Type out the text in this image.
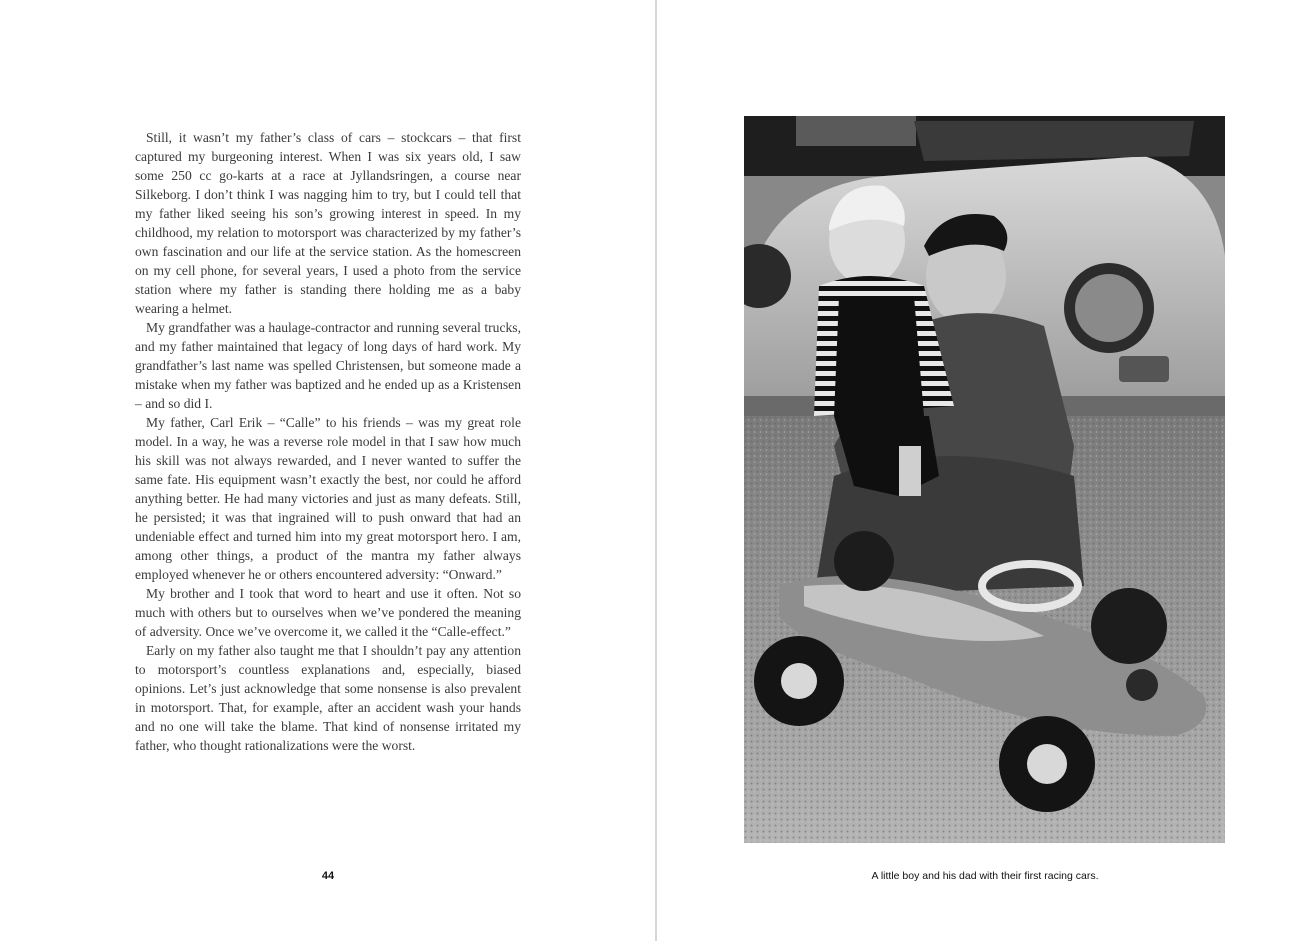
Still, it wasn’t my father’s class of cars – stockcars – that first captured my burgeoning interest. When I was six years old, I saw some 250 cc go-karts at a race at Jyllandsringen, a course near Silkeborg. I don’t think I was nagging him to try, but I could tell that my father liked seeing his son’s growing interest in speed. In my childhood, my relation to motorsport was characterized by my father’s own fascination and our life at the service station. As the homescreen on my cell phone, for several years, I used a photo from the service station where my father is standing there holding me as a baby wearing a helmet.

My grandfather was a haulage-contractor and running several trucks, and my father maintained that legacy of long days of hard work. My grandfather’s last name was spelled Christensen, but someone made a mistake when my father was baptized and he ended up as a Kristensen – and so did I.

My father, Carl Erik – “Calle” to his friends – was my great role model. In a way, he was a reverse role model in that I saw how much his skill was not always rewarded, and I never wanted to suffer the same fate. His equipment wasn’t exactly the best, nor could he afford anything better. He had many victories and just as many defeats. Still, he persisted; it was that ingrained will to push onward that had an undeniable effect and turned him into my great motorsport hero. I am, among other things, a product of the mantra my father always employed whenever he or others encountered adversity: “Onward.”

My brother and I took that word to heart and use it often. Not so much with others but to ourselves when we’ve pondered the meaning of adversity. Once we’ve overcome it, we called it the “Calle-effect.”

Early on my father also taught me that I shouldn’t pay any attention to motorsport’s countless explanations and, especially, biased opinions. Let’s just acknowledge that some nonsense is also prevalent in motorsport. That, for example, after an accident wash your hands and no one will take the blame. That kind of nonsense irritated my father, who thought rationalizations were the worst.

44	A little boy and his dad with their first racing cars.
